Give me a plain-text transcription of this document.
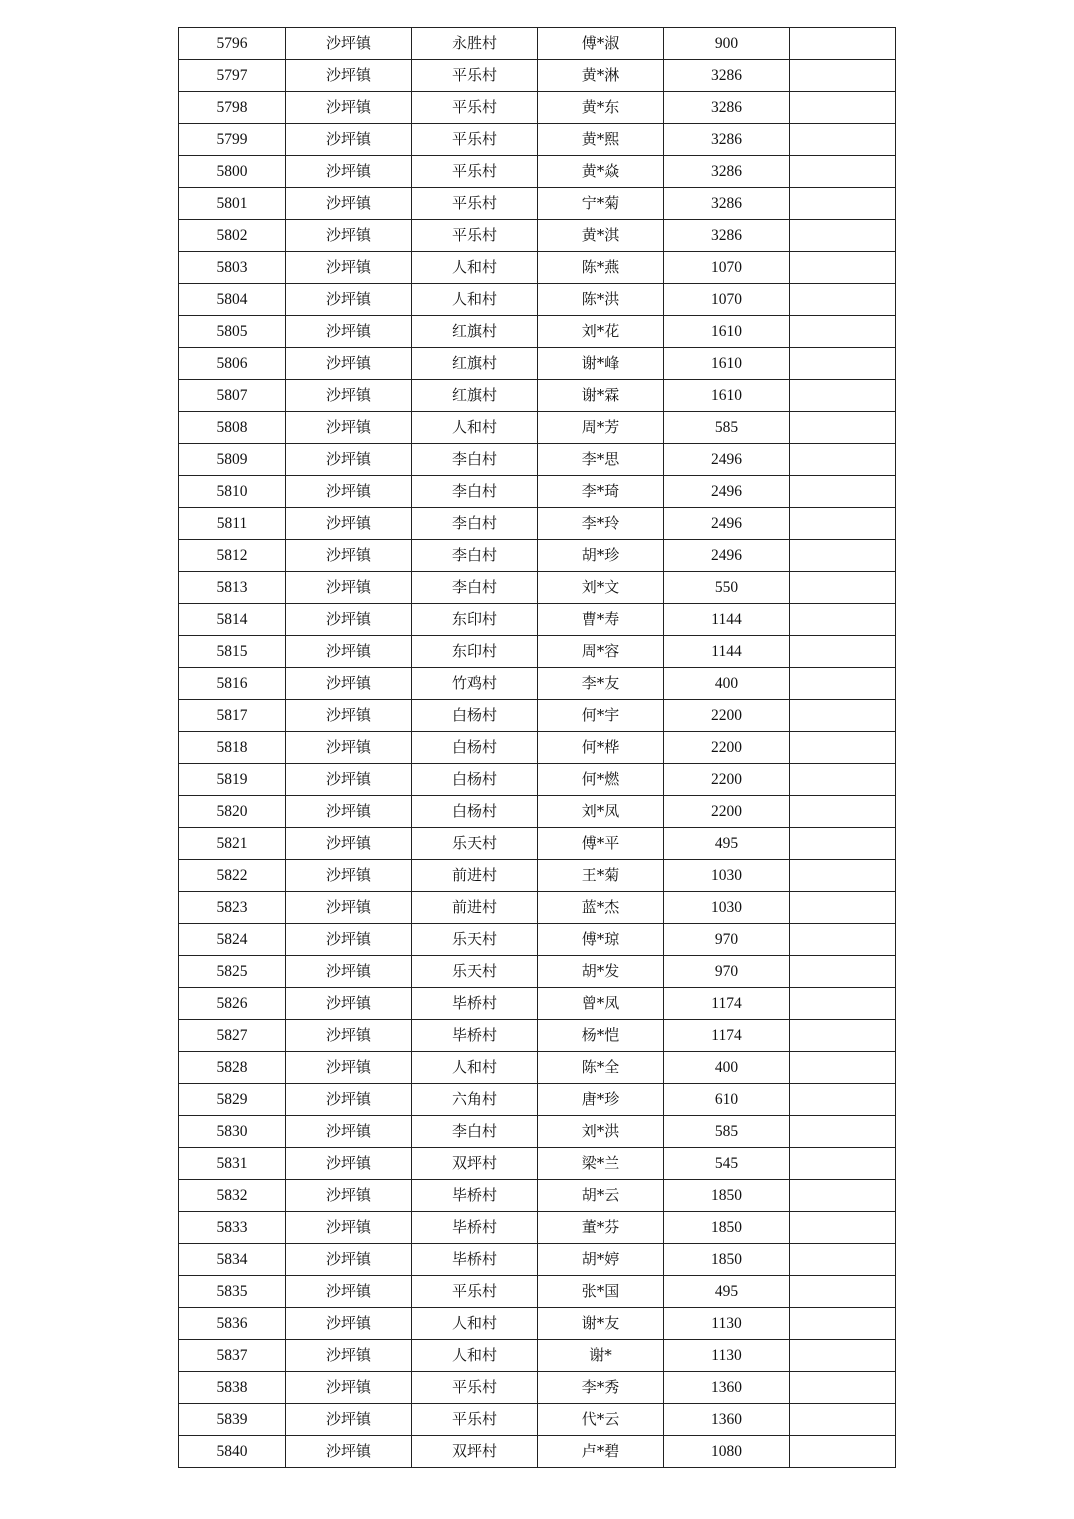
5796	沙坪镇	永胜村	傅*淑	900	
5797	沙坪镇	平乐村	黄*淋	3286	
5798	沙坪镇	平乐村	黄*东	3286	
5799	沙坪镇	平乐村	黄*熙	3286	
5800	沙坪镇	平乐村	黄*焱	3286	
5801	沙坪镇	平乐村	宁*菊	3286	
5802	沙坪镇	平乐村	黄*淇	3286	
5803	沙坪镇	人和村	陈*燕	1070	
5804	沙坪镇	人和村	陈*洪	1070	
5805	沙坪镇	红旗村	刘*花	1610	
5806	沙坪镇	红旗村	谢*峰	1610	
5807	沙坪镇	红旗村	谢*霖	1610	
5808	沙坪镇	人和村	周*芳	585	
5809	沙坪镇	李白村	李*思	2496	
5810	沙坪镇	李白村	李*琦	2496	
5811	沙坪镇	李白村	李*玲	2496	
5812	沙坪镇	李白村	胡*珍	2496	
5813	沙坪镇	李白村	刘*文	550	
5814	沙坪镇	东印村	曹*寿	1144	
5815	沙坪镇	东印村	周*容	1144	
5816	沙坪镇	竹鸡村	李*友	400	
5817	沙坪镇	白杨村	何*宇	2200	
5818	沙坪镇	白杨村	何*桦	2200	
5819	沙坪镇	白杨村	何*燃	2200	
5820	沙坪镇	白杨村	刘*凤	2200	
5821	沙坪镇	乐天村	傅*平	495	
5822	沙坪镇	前进村	王*菊	1030	
5823	沙坪镇	前进村	蓝*杰	1030	
5824	沙坪镇	乐天村	傅*琼	970	
5825	沙坪镇	乐天村	胡*发	970	
5826	沙坪镇	毕桥村	曾*凤	1174	
5827	沙坪镇	毕桥村	杨*恺	1174	
5828	沙坪镇	人和村	陈*全	400	
5829	沙坪镇	六角村	唐*珍	610	
5830	沙坪镇	李白村	刘*洪	585	
5831	沙坪镇	双坪村	梁*兰	545	
5832	沙坪镇	毕桥村	胡*云	1850	
5833	沙坪镇	毕桥村	董*芬	1850	
5834	沙坪镇	毕桥村	胡*婷	1850	
5835	沙坪镇	平乐村	张*国	495	
5836	沙坪镇	人和村	谢*友	1130	
5837	沙坪镇	人和村	谢*	1130	
5838	沙坪镇	平乐村	李*秀	1360	
5839	沙坪镇	平乐村	代*云	1360	
5840	沙坪镇	双坪村	卢*碧	1080	
